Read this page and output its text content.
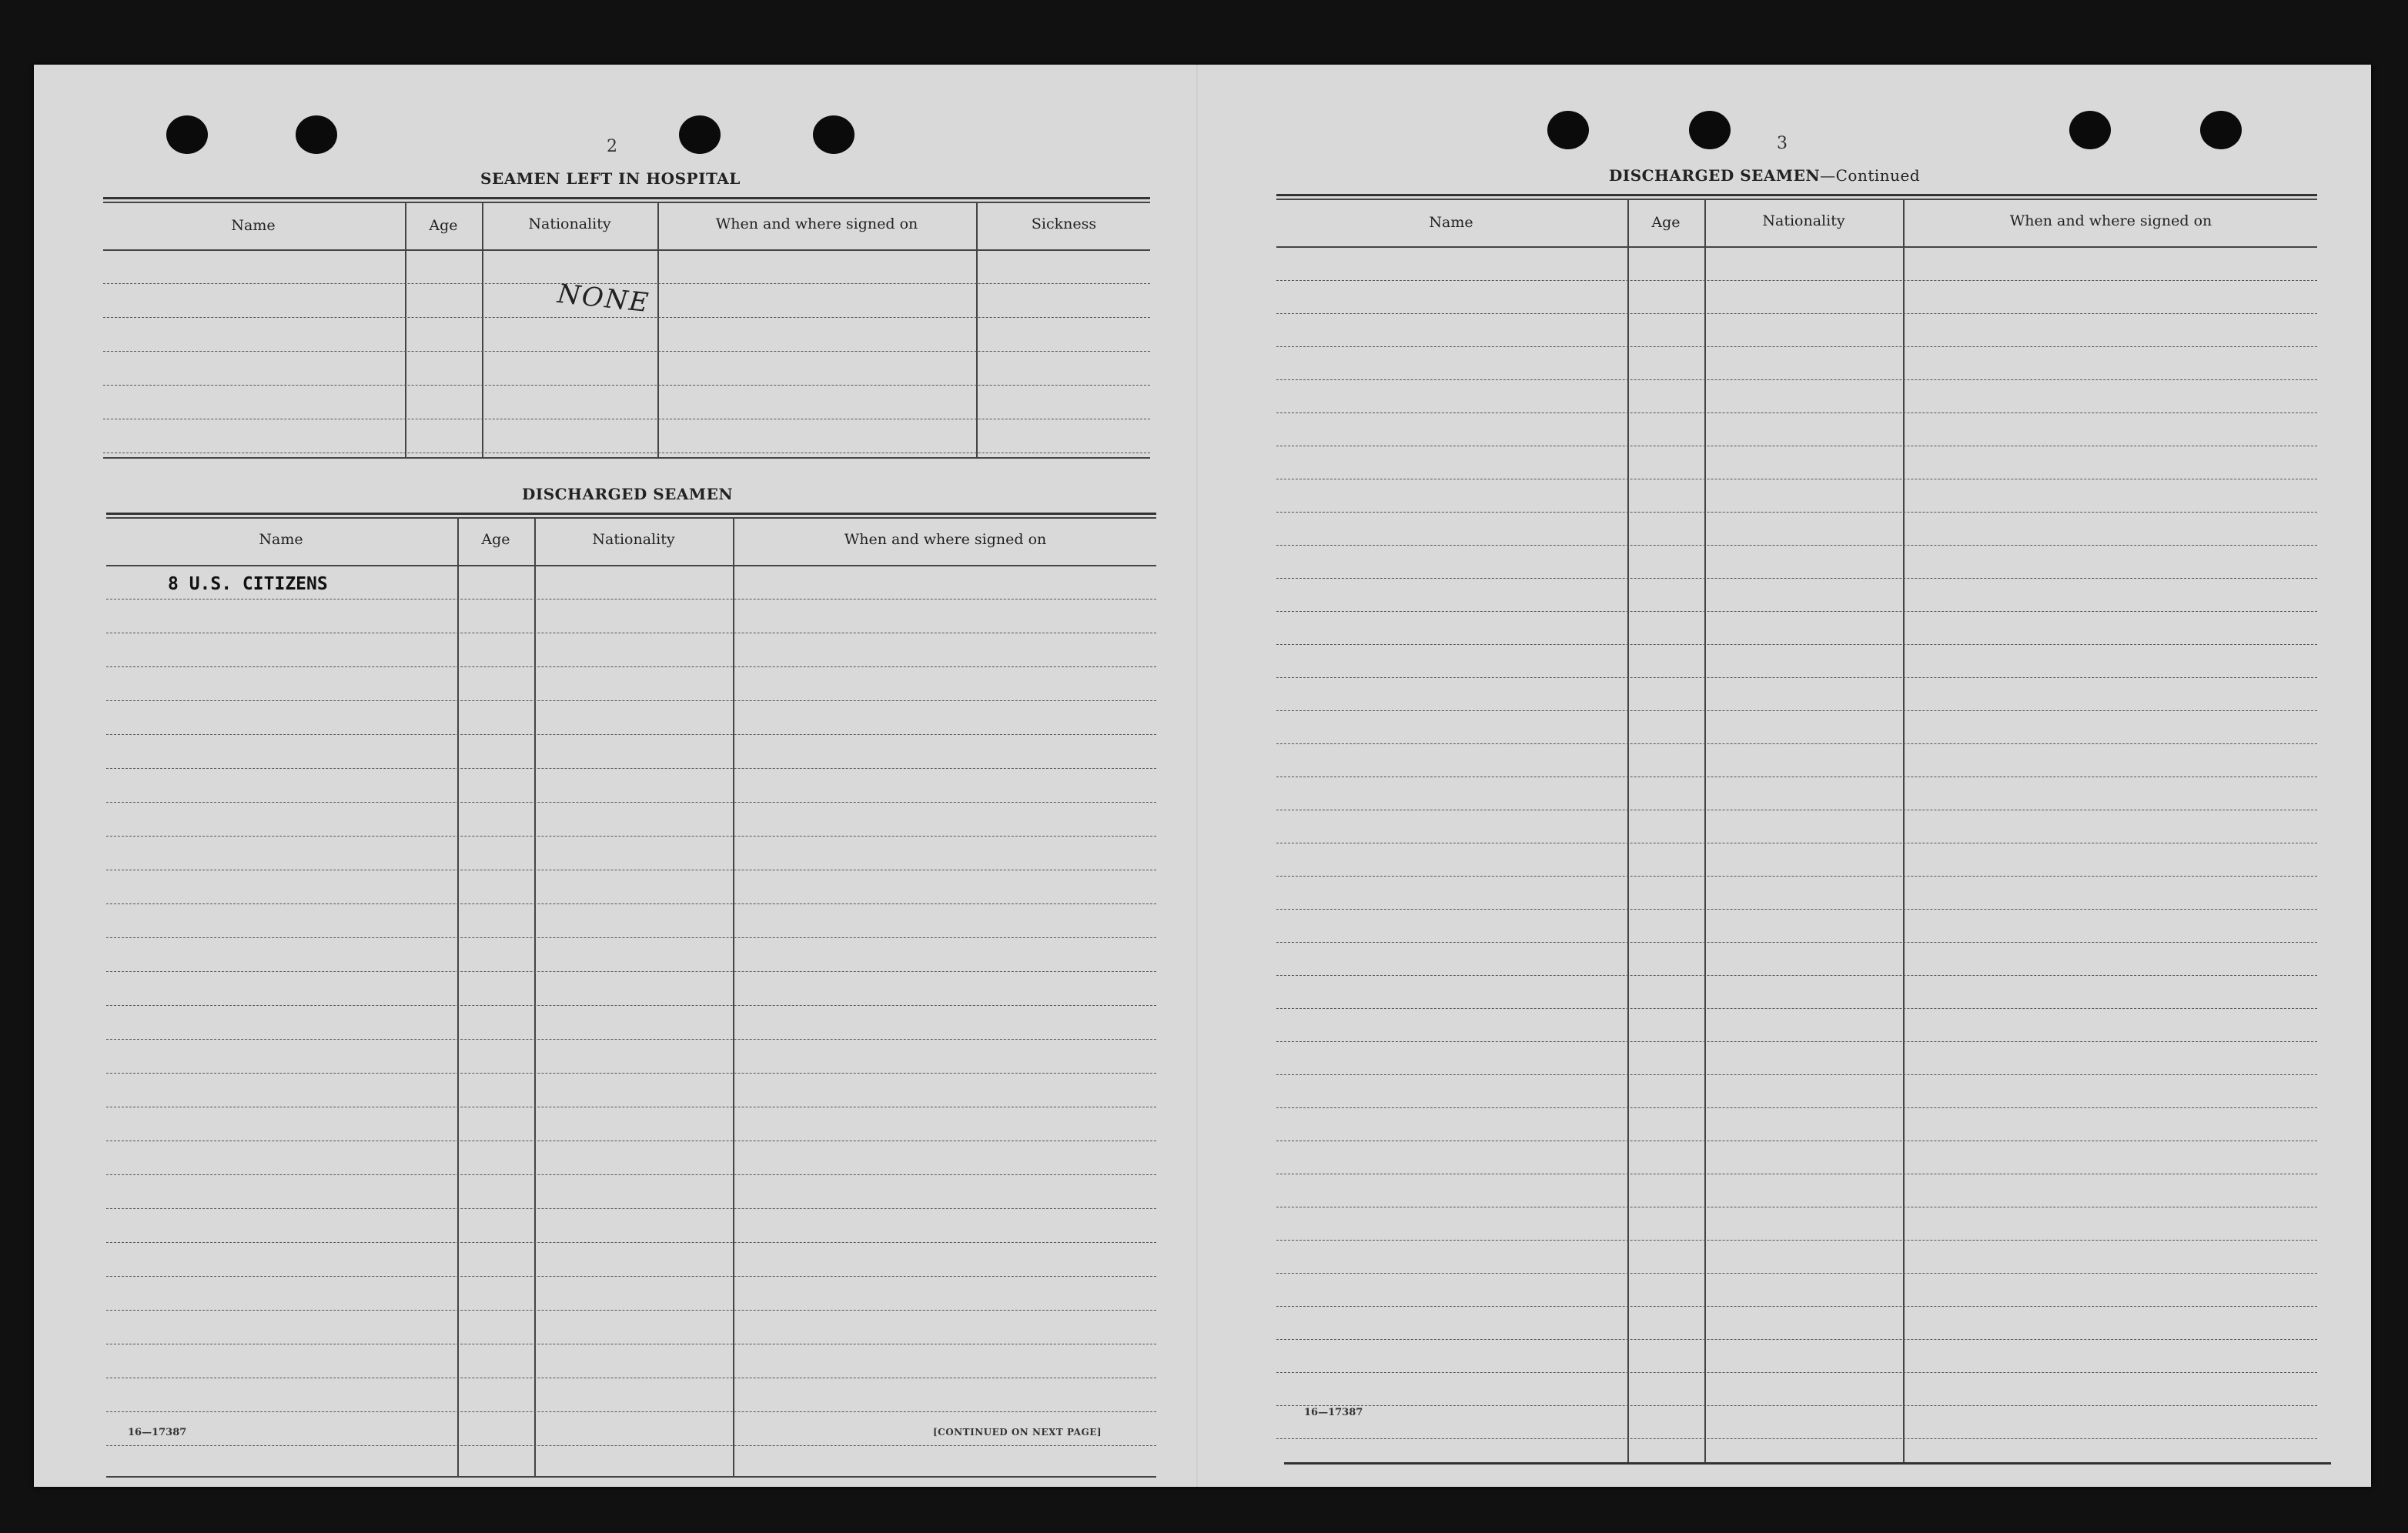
2
SEAMEN LEFT IN HOSPITAL
Name	Age	Nationality	When and where signed on	Sickness
NONE
DISCHARGED SEAMEN
Name	Age	Nationality	When and where signed on
8 U.S. CITIZENS
16—17387	[CONTINUED ON NEXT PAGE]
3
DISCHARGED SEAMEN—Continued
Name	Age	Nationality	When and where signed on
16—17387
